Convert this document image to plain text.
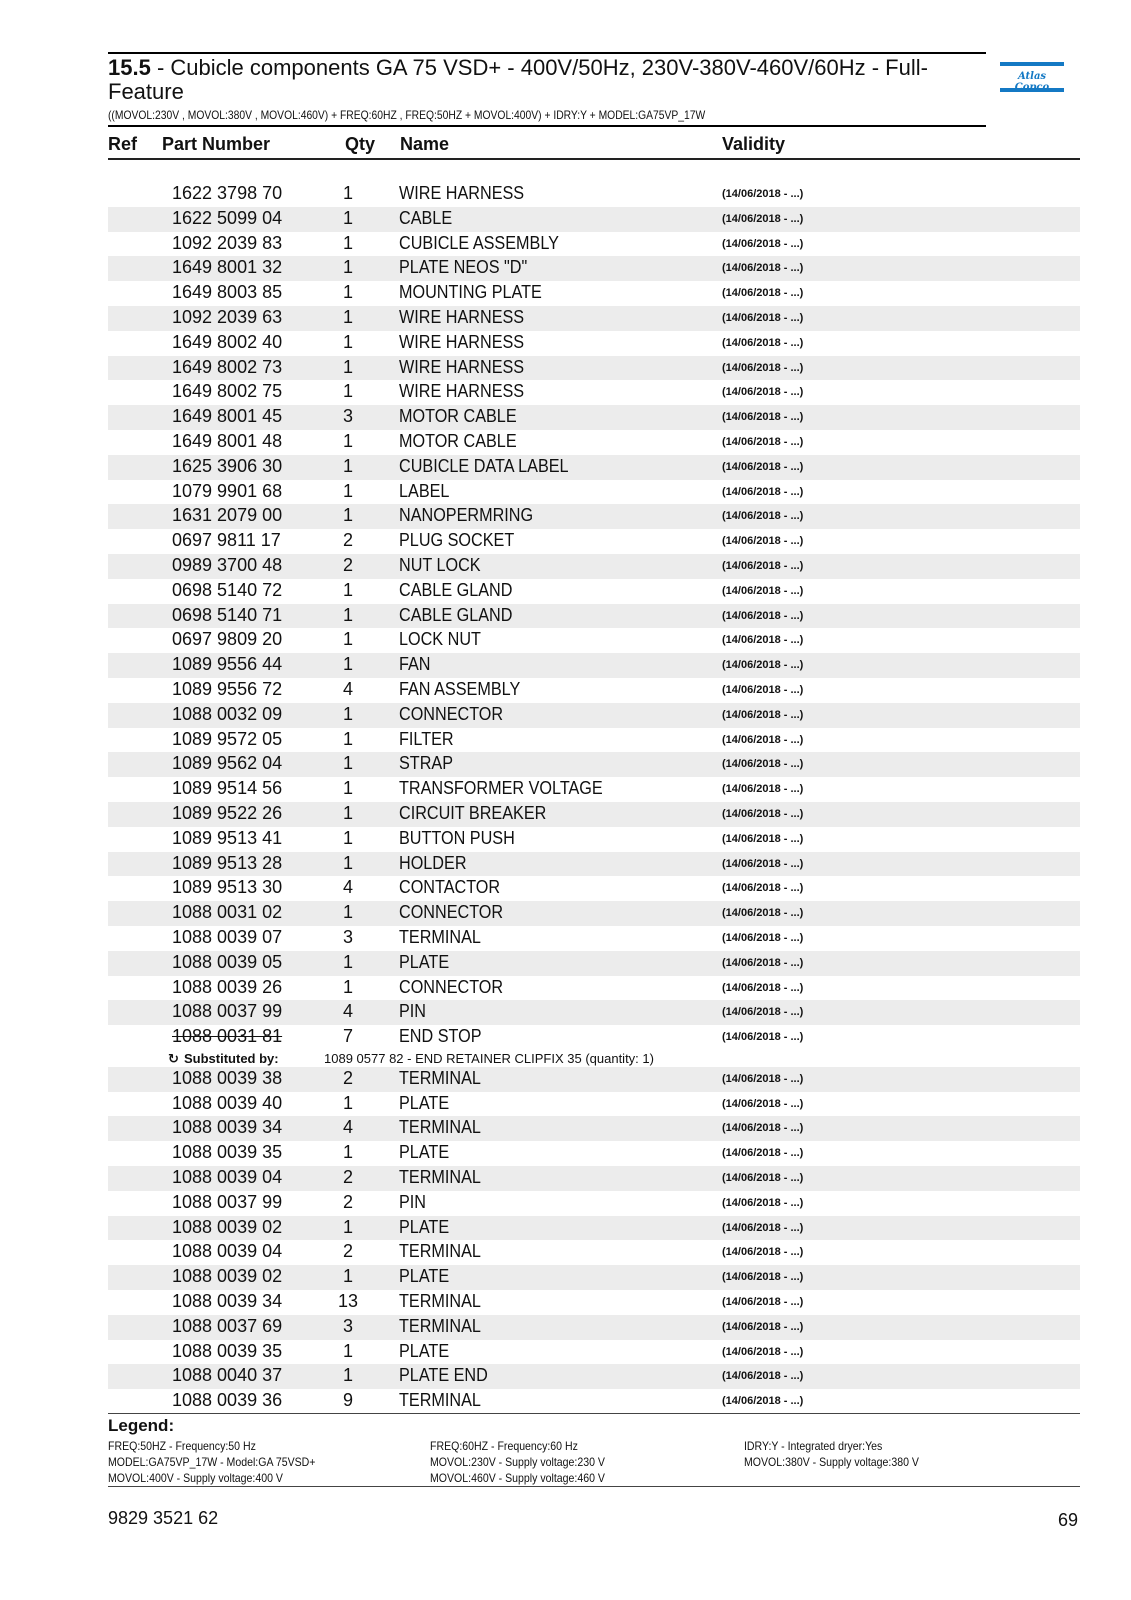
15.5 - Cubicle components GA 75 VSD+ - 400V/50Hz, 230V-380V-460V/60Hz - Full-Feature
((MOVOL:230V , MOVOL:380V , MOVOL:460V) + FREQ:60HZ , FREQ:50HZ + MOVOL:400V) + IDRY:Y + MODEL:GA75VP_17W
Atlas
Ref Part Number	Qty Name	Validity
1622 3798 70	1	WIRE HARNESS	(14/06/2018 - ...)
1622 5099 04	1	CABLE	(14/06/2018 - ...)
1092 2039 83	1	CUBICLE ASSEMBLY	(14/06/2018 - ...)
1649 8001 32	1	PLATE NEOS "D"	(14/06/2018 - ...)
1649 8003 85	1	MOUNTING PLATE	(14/06/2018 - ...)
1092 2039 63	1	WIRE HARNESS	(14/06/2018 - ...)
1649 8002 40	1	WIRE HARNESS	(14/06/2018 - ...)
1649 8002 73	1	WIRE HARNESS	(14/06/2018 - ...)
1649 8002 75	1	WIRE HARNESS	(14/06/2018 - ...)
1649 8001 45	3	MOTOR CABLE	(14/06/2018 - ...)
1649 8001 48	1	MOTOR CABLE	(14/06/2018 - ...)
1625 3906 30	1	CUBICLE DATA LABEL	(14/06/2018 - ...)
1079 9901 68	1	LABEL	(14/06/2018 - ...)
1631 2079 00	1	NANOPERMRING	(14/06/2018 - ...)
0697 9811 17	2	PLUG SOCKET	(14/06/2018 - ...)
0989 3700 48	2	NUT LOCK	(14/06/2018 - ...)
0698 5140 72	1	CABLE GLAND	(14/06/2018 - ...)
0698 5140 71	1	CABLE GLAND	(14/06/2018 - ...)
0697 9809 20	1	LOCK NUT	(14/06/2018 - ...)
1089 9556 44	1	FAN	(14/06/2018 - ...)
1089 9556 72	4	FAN ASSEMBLY	(14/06/2018 - ...)
1088 0032 09	1	CONNECTOR	(14/06/2018 - ...)
1089 9572 05	1	FILTER	(14/06/2018 - ...)
1089 9562 04	1	STRAP	(14/06/2018 - ...)
1089 9514 56	1	TRANSFORMER VOLTAGE	(14/06/2018 - ...)
1089 9522 26	1	CIRCUIT BREAKER	(14/06/2018 - ...)
1089 9513 41	1	BUTTON PUSH	(14/06/2018 - ...)
1089 9513 28	1	HOLDER	(14/06/2018 - ...)
1089 9513 30	4	CONTACTOR	(14/06/2018 - ...)
1088 0031 02	1	CONNECTOR	(14/06/2018 - ...)
1088 0039 07	3	TERMINAL	(14/06/2018 - ...)
1088 0039 05	1	PLATE	(14/06/2018 - ...)
1088 0039 26	1	CONNECTOR	(14/06/2018 - ...)
1088 0037 99	4	PIN	(14/06/2018 - ...)
1088 0031 81	7	END STOP	(14/06/2018 - ...)
↻ Substituted by:	1089 0577 82 - END RETAINER CLIPFIX 35 (quantity: 1)
1088 0039 38	2	TERMINAL	(14/06/2018 - ...)
1088 0039 40	1	PLATE	(14/06/2018 - ...)
1088 0039 34	4	TERMINAL	(14/06/2018 - ...)
1088 0039 35	1	PLATE	(14/06/2018 - ...)
1088 0039 04	2	TERMINAL	(14/06/2018 - ...)
1088 0037 99	2	PIN	(14/06/2018 - ...)
1088 0039 02	1	PLATE	(14/06/2018 - ...)
1088 0039 04	2	TERMINAL	(14/06/2018 - ...)
1088 0039 02	1	PLATE	(14/06/2018 - ...)
1088 0039 34	13 TERMINAL	(14/06/2018 - ...)
1088 0037 69	3	TERMINAL	(14/06/2018 - ...)
1088 0039 35	1	PLATE	(14/06/2018 - ...)
1088 0040 37	1	PLATE END	(14/06/2018 - ...)
1088 0039 36	9	TERMINAL	(14/06/2018 - ...)
Legend:
FREQ:50HZ - Frequency:50 Hz
MODEL:GA75VP_17W - Model:GA 75VSD+
MOVOL:400V - Supply voltage:400 V
FREQ:60HZ - Frequency:60 Hz
MOVOL:230V - Supply voltage:230 V
MOVOL:460V - Supply voltage:460 V
IDRY:Y - Integrated dryer:Yes
MOVOL:380V - Supply voltage:380 V
9829 3521 62	69
